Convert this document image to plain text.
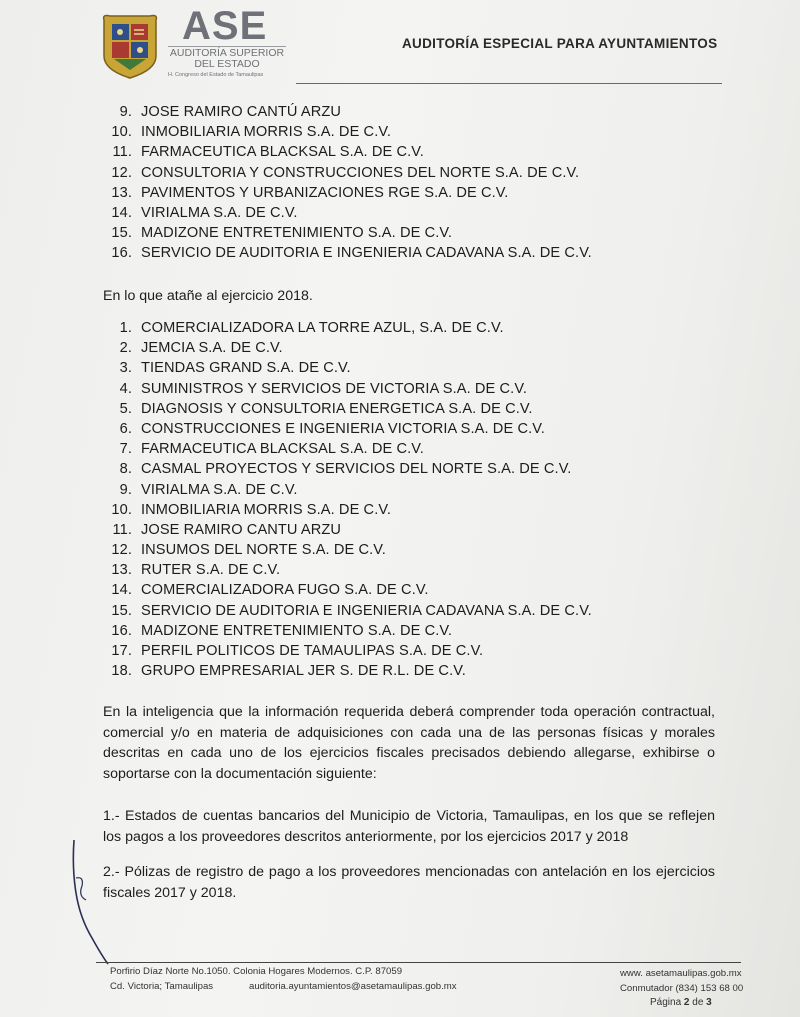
ASE
AUDITORÍA SUPERIOR
DEL ESTADO
H. Congreso del Estado de Tamaulipas
AUDITORÍA ESPECIAL PARA AYUNTAMIENTOS
9. JOSE RAMIRO CANTÚ ARZU
10. INMOBILIARIA MORRIS S.A. DE C.V.
11. FARMACEUTICA BLACKSAL S.A. DE C.V.
12. CONSULTORIA Y CONSTRUCCIONES DEL NORTE S.A. DE C.V.
13. PAVIMENTOS Y URBANIZACIONES RGE S.A. DE C.V.
14. VIRIALMA S.A. DE C.V.
15. MADIZONE ENTRETENIMIENTO S.A. DE C.V.
16. SERVICIO DE AUDITORIA E INGENIERIA CADAVANA S.A. DE C.V.

En lo que atañe al ejercicio 2018.

1. COMERCIALIZADORA LA TORRE AZUL, S.A. DE C.V.
2. JEMCIA S.A. DE C.V.
3. TIENDAS GRAND S.A. DE C.V.
4. SUMINISTROS Y SERVICIOS DE VICTORIA S.A. DE C.V.
5. DIAGNOSIS Y CONSULTORIA ENERGETICA S.A. DE C.V.
6. CONSTRUCCIONES E INGENIERIA VICTORIA S.A. DE C.V.
7. FARMACEUTICA BLACKSAL S.A. DE C.V.
8. CASMAL PROYECTOS Y SERVICIOS DEL NORTE S.A. DE C.V.
9. VIRIALMA S.A. DE C.V.
10. INMOBILIARIA MORRIS S.A. DE C.V.
11. JOSE RAMIRO CANTU ARZU
12. INSUMOS DEL NORTE S.A. DE C.V.
13. RUTER S.A. DE C.V.
14. COMERCIALIZADORA FUGO S.A. DE C.V.
15. SERVICIO DE AUDITORIA E INGENIERIA CADAVANA S.A. DE C.V.
16. MADIZONE ENTRETENIMIENTO S.A. DE C.V.
17. PERFIL POLITICOS DE TAMAULIPAS S.A. DE C.V.
18. GRUPO EMPRESARIAL JER S. DE R.L. DE C.V.

En la inteligencia que la información requerida deberá comprender toda operación contractual, comercial y/o en materia de adquisiciones con cada una de las personas físicas y morales descritas en cada uno de los ejercicios fiscales precisados debiendo allegarse, exhibirse o soportarse con la documentación siguiente:

1.- Estados de cuentas bancarios del Municipio de Victoria, Tamaulipas, en los que se reflejen los pagos a los proveedores descritos anteriormente, por los ejercicios 2017 y 2018

2.- Pólizas de registro de pago a los proveedores mencionadas con antelación en los ejercicios fiscales 2017 y 2018.

Porfirio Díaz Norte No.1050. Colonia Hogares Modernos. C.P. 87059
Cd. Victoria; Tamaulipas	auditoria.ayuntamientos@asetamaulipas.gob.mx
www. asetamaulipas.gob.mx
Conmutador (834) 153 68 00
Página 2 de 3
